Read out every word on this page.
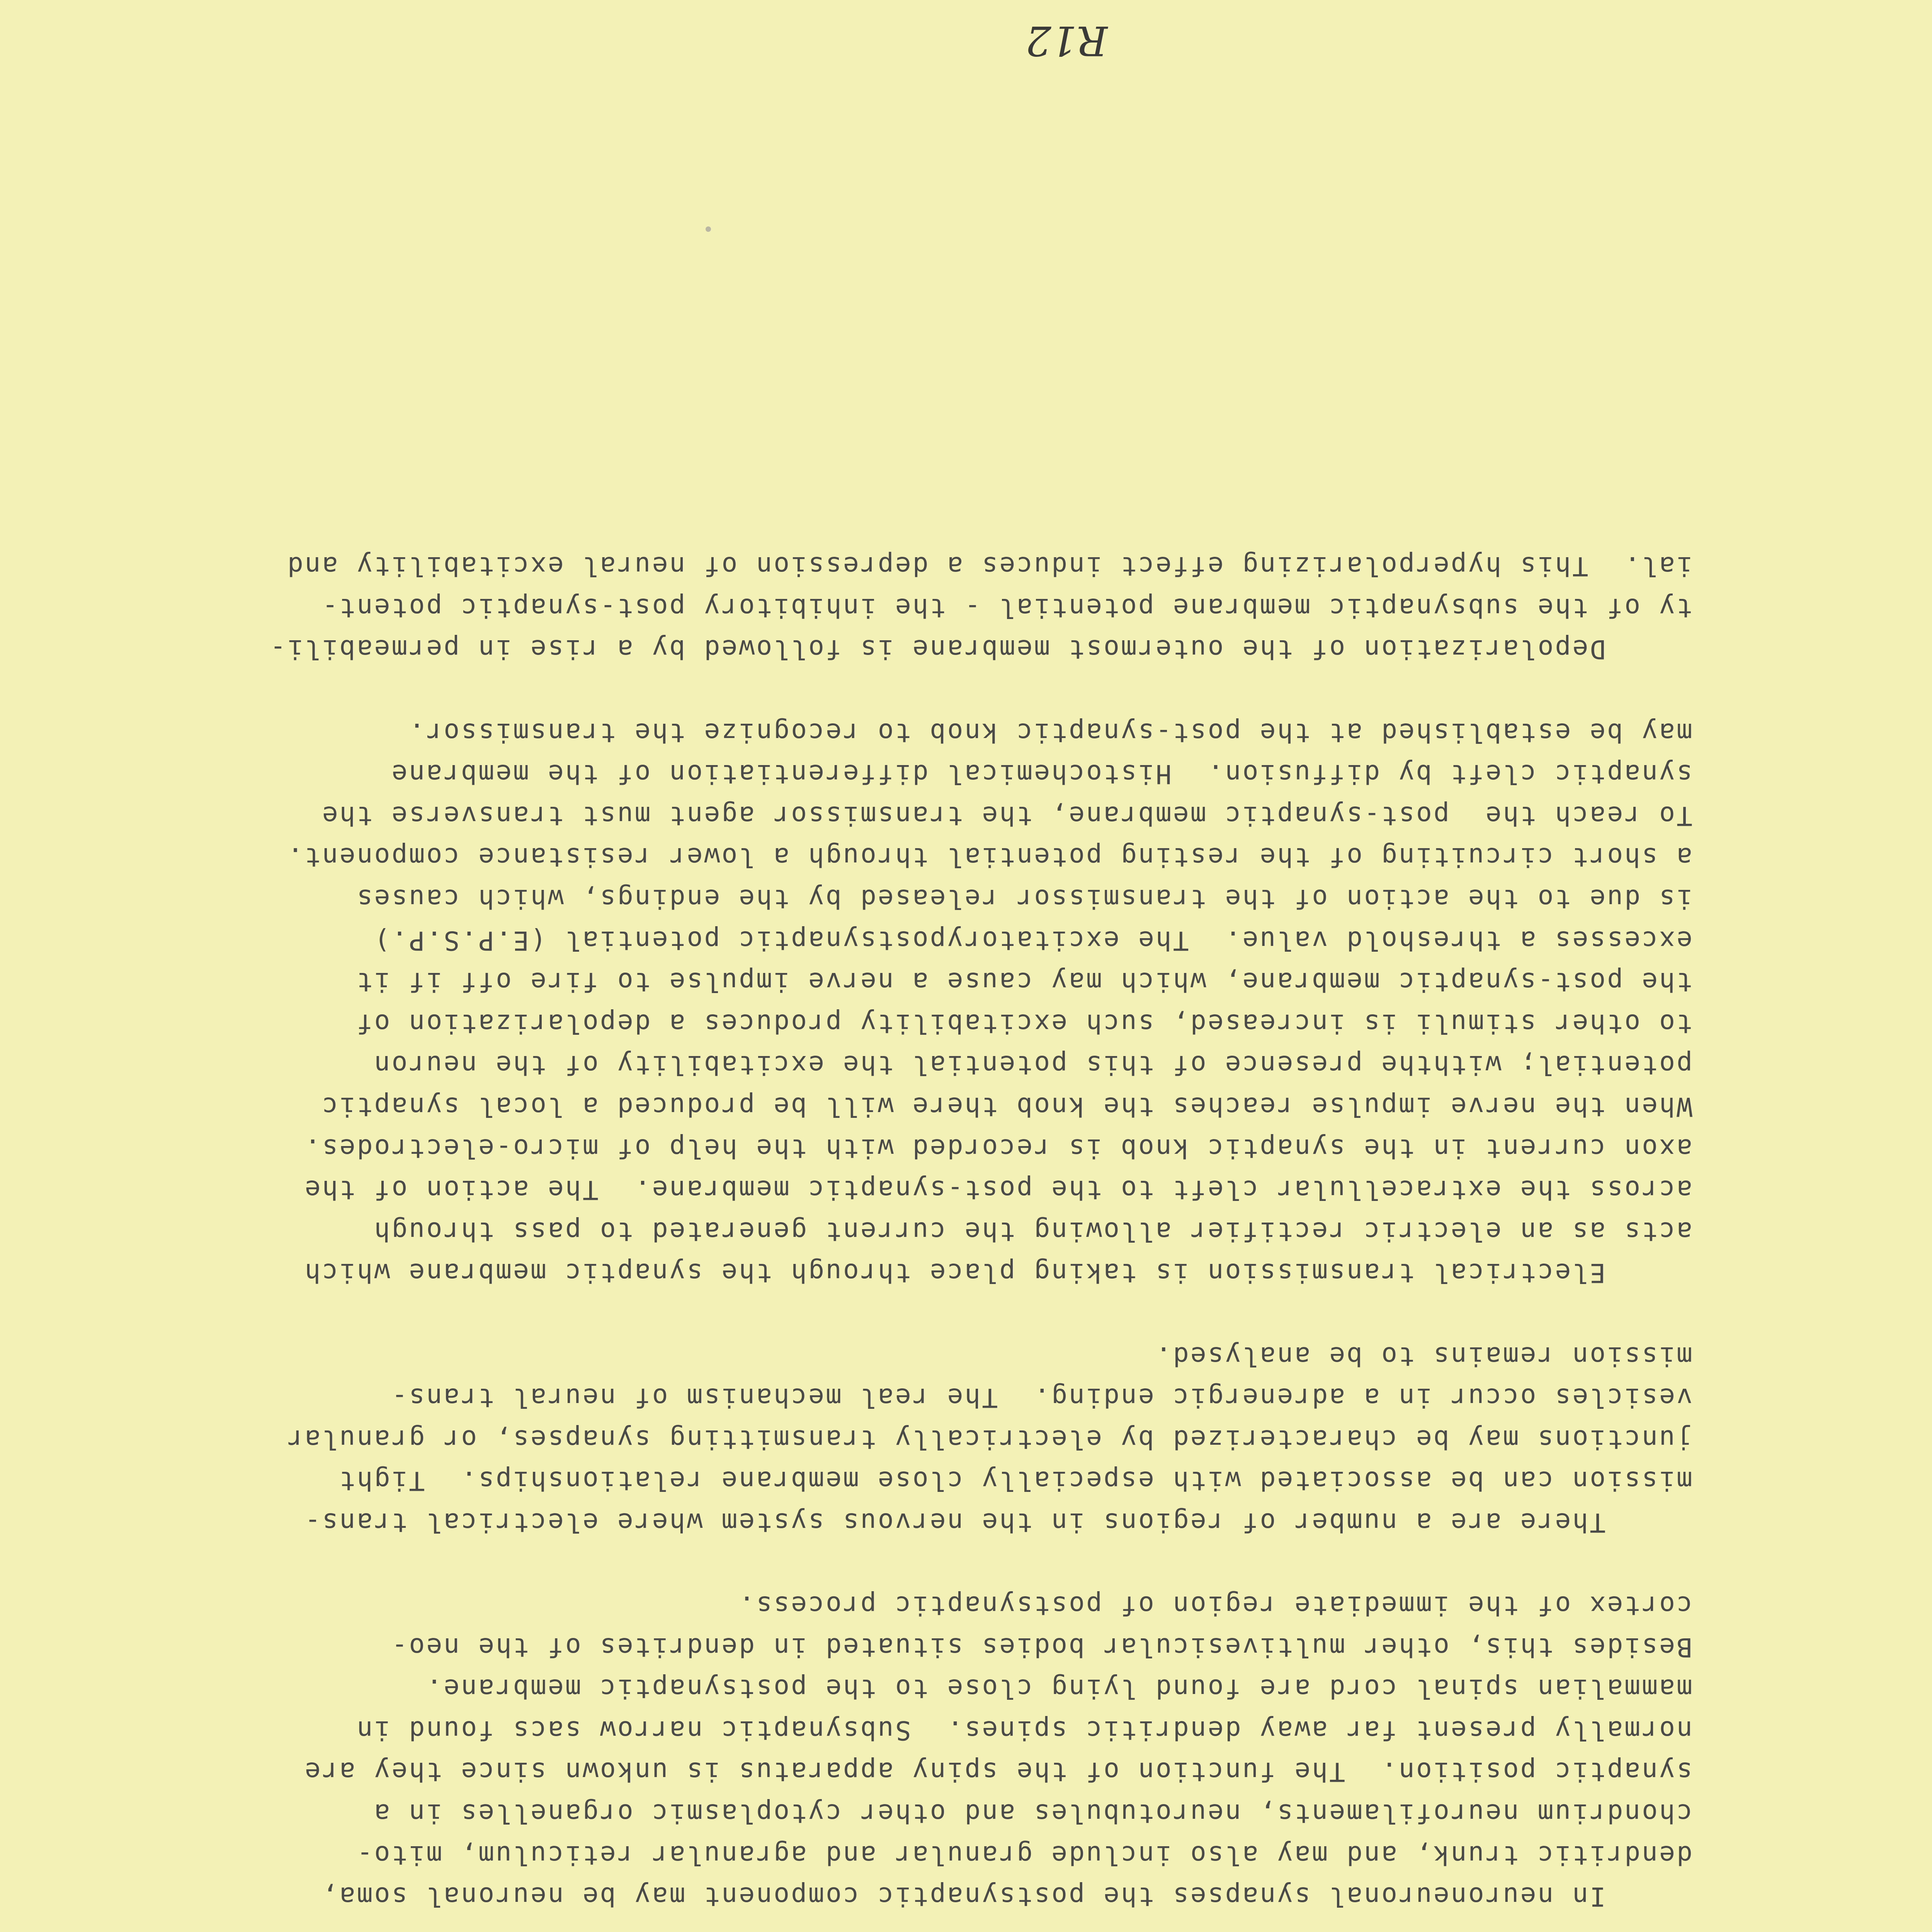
R12
In neuroneuronal synapses the postsynaptic component may be neuronal soma,
dendritic trunk, and may also include granular and agranular reticulum, mito-
chondrium neurofilaments, neurotubules and other cytoplasmic organelles in a
synaptic position.  The function of the spiny apparatus is unkown since they are
normally present far away dendritic spines.  Subsynaptic narrow sacs found in
mammalian spinal cord are found lying close to the postsynaptic membrane.
Besides this, other multivesicular bodies situated in dendrites of the neo-
cortex of the immediate region of postsynaptic process.
There are a number of regions in the nervous system where electrical trans-
mission can be associated with especially close membrane relationships.  Tight
junctions may be characterized by electrically transmitting synapses, or granular
vesicles occur in a adrenergic ending.  The real mechanism of neural trans-
mission remains to be analysed.
Electrical transmission is taking place through the synaptic membrane which
acts as an electric rectifier allowing the current generated to pass through
across the extracellular cleft to the post-synaptic membrane.  The action of the
axon current in the synaptic knob is recorded with the help of micro-electrodes.
When the nerve impulse reaches the knob there will be produced a local synaptic
potential; withthe presence of this potential the excitability of the neuron
to other stimuli is increased, such excitability produces a depolarization of
the post-synaptic membrane, which may cause a nerve impulse to fire off if it
excesses a threshold value.  The excitatorypostsynaptic potential (E.P.S.P.)
is due to the action of the transmissor released by the endings, which causes
a short circuiting of the resting potential through a lower resistance component.
To reach the  post-synaptic membrane, the transmissor agent must transverse the
synaptic cleft by diffusion.  Histochemical differentiation of the membrane
may be established at the post-synaptic knob to recognize the transmissor.
Depolarization of the outermost membrane is followed by a rise in permeabili-
ty of the subsynaptic membrane potential - the inhibitory post-synaptic potent-
ial.  This hyperpolarizing effect induces a depression of neural excitability and
